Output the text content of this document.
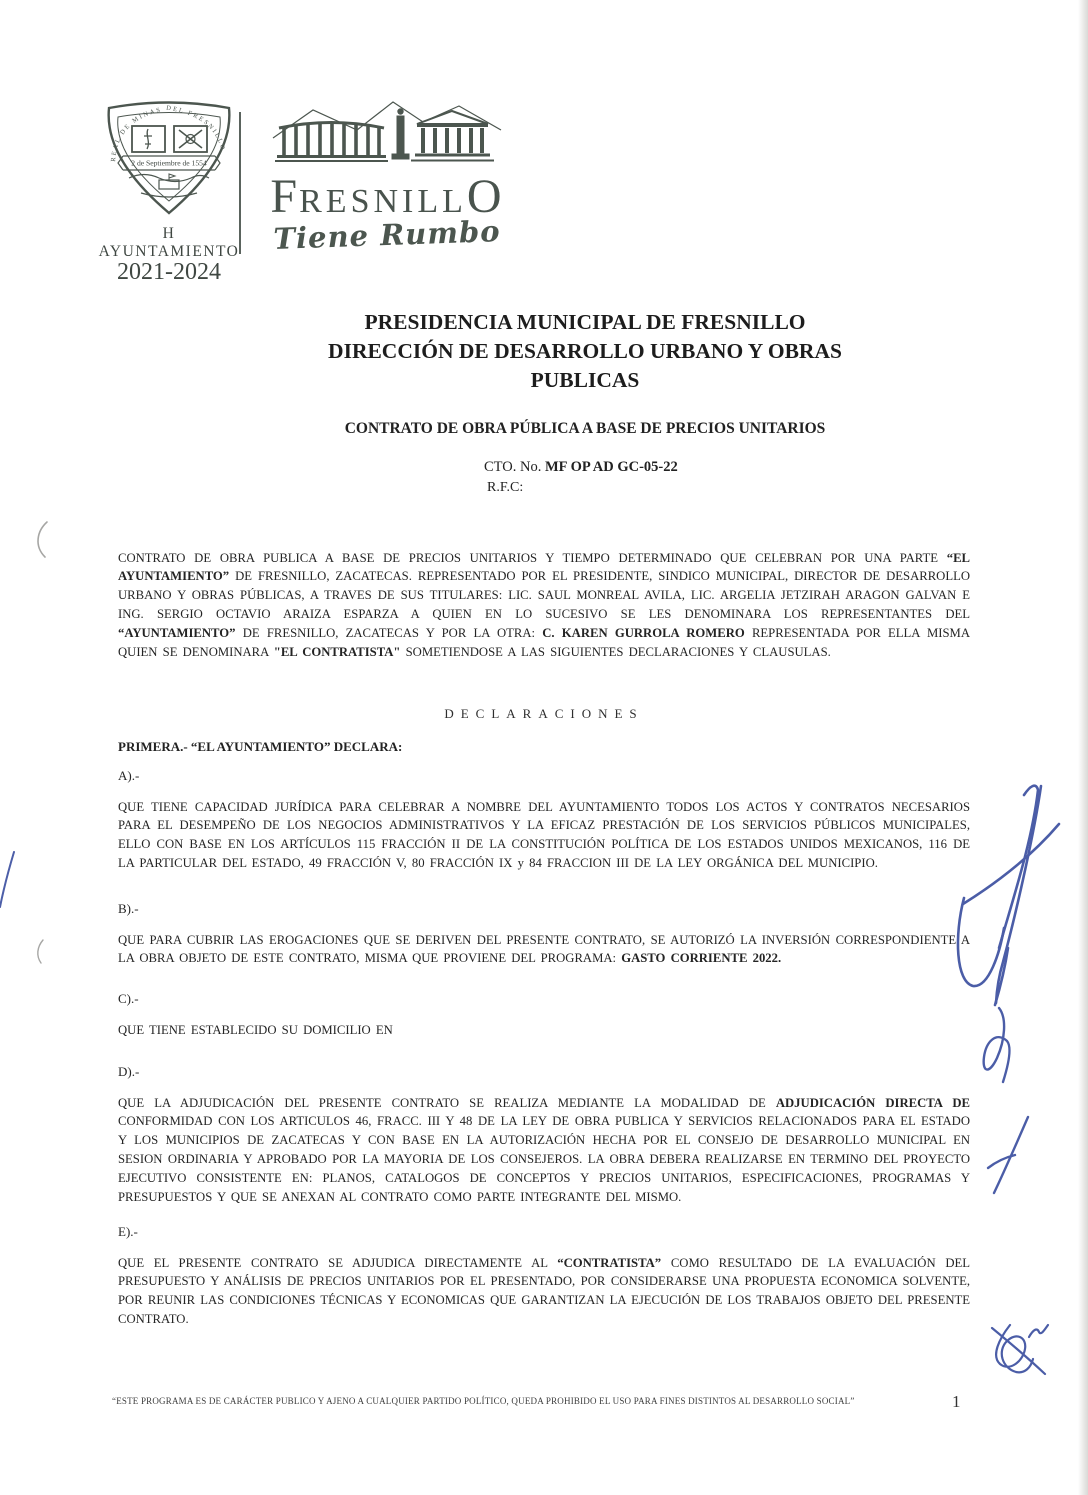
REAL DE MINAS DEL FRESNILLO
2 de Septiembre de 1554
H AYUNTAMIENTO
2021-2024
FRESNILLO
Tiene Rumbo
PRESIDENCIA MUNICIPAL DE FRESNILLO
DIRECCIÓN DE DESARROLLO URBANO Y OBRAS
PUBLICAS
CONTRATO DE OBRA PÚBLICA A BASE DE PRECIOS UNITARIOS
CTO. No. MF OP AD GC-05-22
R.F.C:

CONTRATO DE OBRA PUBLICA A BASE DE PRECIOS UNITARIOS Y TIEMPO DETERMINADO QUE CELEBRAN POR UNA PARTE “EL AYUNTAMIENTO” DE FRESNILLO, ZACATECAS. REPRESENTADO POR EL PRESIDENTE, SINDICO MUNICIPAL, DIRECTOR DE DESARROLLO URBANO Y OBRAS PÚBLICAS, A TRAVES DE SUS TITULARES: LIC. SAUL MONREAL AVILA, LIC. ARGELIA JETZIRAH ARAGON GALVAN E ING. SERGIO OCTAVIO ARAIZA ESPARZA A QUIEN EN LO SUCESIVO SE LES DENOMINARA LOS REPRESENTANTES DEL “AYUNTAMIENTO” DE FRESNILLO, ZACATECAS Y POR LA OTRA: C. KAREN GURROLA ROMERO REPRESENTADA POR ELLA MISMA QUIEN SE DENOMINARA "EL CONTRATISTA" SOMETIENDOSE A LAS SIGUIENTES DECLARACIONES Y CLAUSULAS.

DECLARACIONES
PRIMERA.- “EL AYUNTAMIENTO” DECLARA:
A).-

QUE TIENE CAPACIDAD JURÍDICA PARA CELEBRAR A NOMBRE DEL AYUNTAMIENTO TODOS LOS ACTOS Y CONTRATOS NECESARIOS PARA EL DESEMPEÑO DE LOS NEGOCIOS ADMINISTRATIVOS Y LA EFICAZ PRESTACIÓN DE LOS SERVICIOS PÚBLICOS MUNICIPALES, ELLO CON BASE EN LOS ARTÍCULOS 115 FRACCIÓN II DE LA CONSTITUCIÓN POLÍTICA DE LOS ESTADOS UNIDOS MEXICANOS, 116 DE LA PARTICULAR DEL ESTADO, 49 FRACCIÓN V, 80 FRACCIÓN IX y 84 FRACCION III DE LA LEY ORGÁNICA DEL MUNICIPIO.

B).-

QUE PARA CUBRIR LAS EROGACIONES QUE SE DERIVEN DEL PRESENTE CONTRATO, SE AUTORIZÓ LA INVERSIÓN CORRESPONDIENTE A LA OBRA OBJETO DE ESTE CONTRATO, MISMA QUE PROVIENE DEL PROGRAMA: GASTO CORRIENTE 2022.

C).-

QUE TIENE ESTABLECIDO SU DOMICILIO EN

D).-

QUE LA ADJUDICACIÓN DEL PRESENTE CONTRATO SE REALIZA MEDIANTE LA MODALIDAD DE ADJUDICACIÓN DIRECTA DE CONFORMIDAD CON LOS ARTICULOS 46, FRACC. III Y 48 DE LA LEY DE OBRA PUBLICA Y SERVICIOS RELACIONADOS PARA EL ESTADO Y LOS MUNICIPIOS DE ZACATECAS Y CON BASE EN LA AUTORIZACIÓN HECHA POR EL CONSEJO DE DESARROLLO MUNICIPAL EN SESION ORDINARIA Y APROBADO POR LA MAYORIA DE LOS CONSEJEROS. LA OBRA DEBERA REALIZARSE EN TERMINO DEL PROYECTO EJECUTIVO CONSISTENTE EN: PLANOS, CATALOGOS DE CONCEPTOS Y PRECIOS UNITARIOS, ESPECIFICACIONES, PROGRAMAS Y PRESUPUESTOS Y QUE SE ANEXAN AL CONTRATO COMO PARTE INTEGRANTE DEL MISMO.

E).-

QUE EL PRESENTE CONTRATO SE ADJUDICA DIRECTAMENTE AL “CONTRATISTA” COMO RESULTADO DE LA EVALUACIÓN DEL PRESUPUESTO Y ANÁLISIS DE PRECIOS UNITARIOS POR EL PRESENTADO, POR CONSIDERARSE UNA PROPUESTA ECONOMICA SOLVENTE, POR REUNIR LAS CONDICIONES TÉCNICAS Y ECONOMICAS QUE GARANTIZAN LA EJECUCIÓN DE LOS TRABAJOS OBJETO DEL PRESENTE CONTRATO.

“ESTE PROGRAMA ES DE CARÁCTER PUBLICO Y AJENO A CUALQUIER PARTIDO POLÍTICO, QUEDA PROHIBIDO EL USO PARA FINES DISTINTOS AL DESARROLLO SOCIAL”	1
